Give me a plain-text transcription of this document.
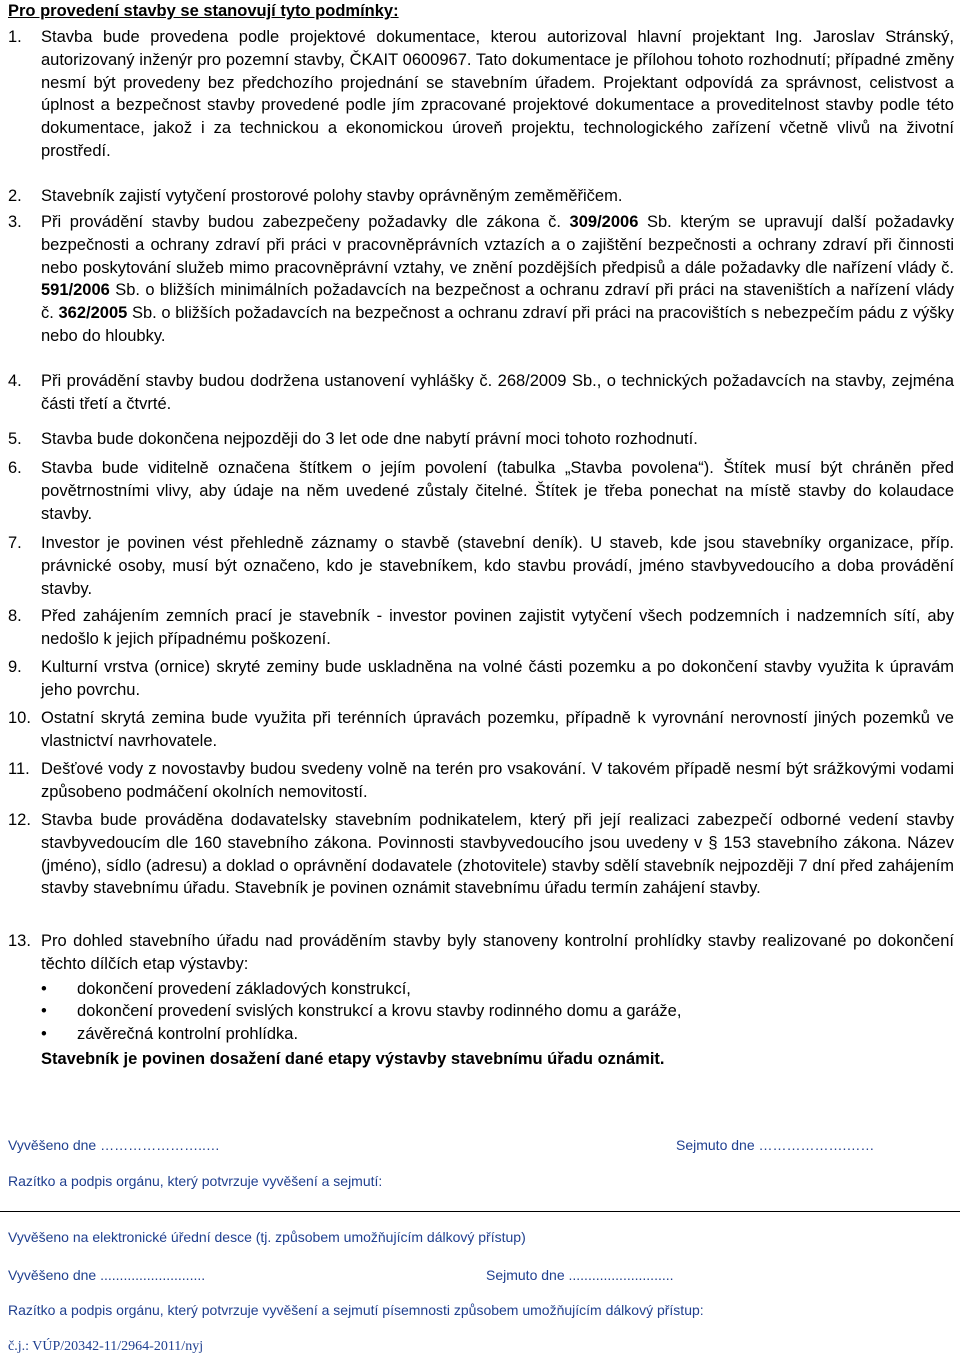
Pro provedení stavby se stanovují tyto podmínky:
1. Stavba bude provedena podle projektové dokumentace, kterou autorizoval hlavní projektant Ing. Jaroslav Stránský, autorizovaný inženýr pro pozemní stavby, ČKAIT 0600967. Tato dokumentace je přílohou tohoto rozhodnutí; případné změny nesmí být provedeny bez předchozího projednání se stavebním úřadem. Projektant odpovídá za správnost, celistvost a úplnost a bezpečnost stavby provedené podle jím zpracované projektové dokumentace a proveditelnost stavby podle této dokumentace, jakož i za technickou a ekonomickou úroveň projektu, technologického zařízení včetně vlivů na životní prostředí.
2. Stavebník zajistí vytyčení prostorové polohy stavby oprávněným zeměměřičem.
3. Při provádění stavby budou zabezpečeny požadavky dle zákona č. 309/2006 Sb. kterým se upravují další požadavky bezpečnosti a ochrany zdraví při práci v pracovněprávních vztazích a o zajištění bezpečnosti a ochrany zdraví při činnosti nebo poskytování služeb mimo pracovněprávní vztahy, ve znění pozdějších předpisů a dále požadavky dle nařízení vlády č. 591/2006 Sb. o bližších minimálních požadavcích na bezpečnost a ochranu zdraví při práci na staveništích a nařízení vlády č. 362/2005 Sb. o bližších požadavcích na bezpečnost a ochranu zdraví při práci na pracovištích s nebezpečím pádu z výšky nebo do hloubky.
4. Při provádění stavby budou dodržena ustanovení vyhlášky č. 268/2009 Sb., o technických požadavcích na stavby, zejména části třetí a čtvrté.
5. Stavba bude dokončena nejpozději do 3 let ode dne nabytí právní moci tohoto rozhodnutí.
6. Stavba bude viditelně označena štítkem o jejím povolení (tabulka „Stavba povolena“). Štítek musí být chráněn před povětrnostními vlivy, aby údaje na něm uvedené zůstaly čitelné. Štítek je třeba ponechat na místě stavby do kolaudace stavby.
7. Investor je povinen vést přehledně záznamy o stavbě (stavební deník). U staveb, kde jsou stavebníky organizace, příp. právnické osoby, musí být označeno, kdo je stavebníkem, kdo stavbu provádí, jméno stavbyvedoucího a doba provádění stavby.
8. Před zahájením zemních prací je stavebník - investor povinen zajistit vytyčení všech podzemních i nadzemních sítí, aby nedošlo k jejich případnému poškození.
9. Kulturní vrstva (ornice) skryté zeminy bude uskladněna na volné části pozemku a po dokončení stavby využita k úpravám jeho povrchu.
10. Ostatní skrytá zemina bude využita při terénních úpravách pozemku, případně k vyrovnání nerovností jiných pozemků ve vlastnictví navrhovatele.
11. Dešťové vody z novostavby budou svedeny volně na terén pro vsakování. V takovém případě nesmí být srážkovými vodami způsobeno podmáčení okolních nemovitostí.
12. Stavba bude prováděna dodavatelsky stavebním podnikatelem, který při její realizaci zabezpečí odborné vedení stavby stavbyvedoucím dle 160 stavebního zákona. Povinnosti stavbyvedoucího jsou uvedeny v § 153 stavebního zákona. Název (jméno), sídlo (adresu) a doklad o oprávnění dodavatele (zhotovitele) stavby sdělí stavebník nejpozději 7 dní před zahájením stavby stavebnímu úřadu. Stavebník je povinen oznámit stavebnímu úřadu termín zahájení stavby.
13. Pro dohled stavebního úřadu nad prováděním stavby byly stanoveny kontrolní prohlídky stavby realizované po dokončení těchto dílčích etap výstavby:
• dokončení provedení základových konstrukcí,
• dokončení provedení svislých konstrukcí a krovu stavby rodinného domu a garáže,
• závěrečná kontrolní prohlídka.
Stavebník je povinen dosažení dané etapy výstavby stavebnímu úřadu oznámit.
Vyvěšeno dne …………………..…	Sejmuto dne ……………….……
Razítko a podpis orgánu, který potvrzuje vyvěšení a sejmutí:
Vyvěšeno na elektronické úřední desce (tj. způsobem umožňujícím dálkový přístup)
Vyvěšeno dne ...........................	Sejmuto dne ...........................
Razítko a podpis orgánu, který potvrzuje vyvěšení a sejmutí písemnosti způsobem umožňujícím dálkový přístup:
č.j.: VÚP/20342-11/2964-2011/nyj
